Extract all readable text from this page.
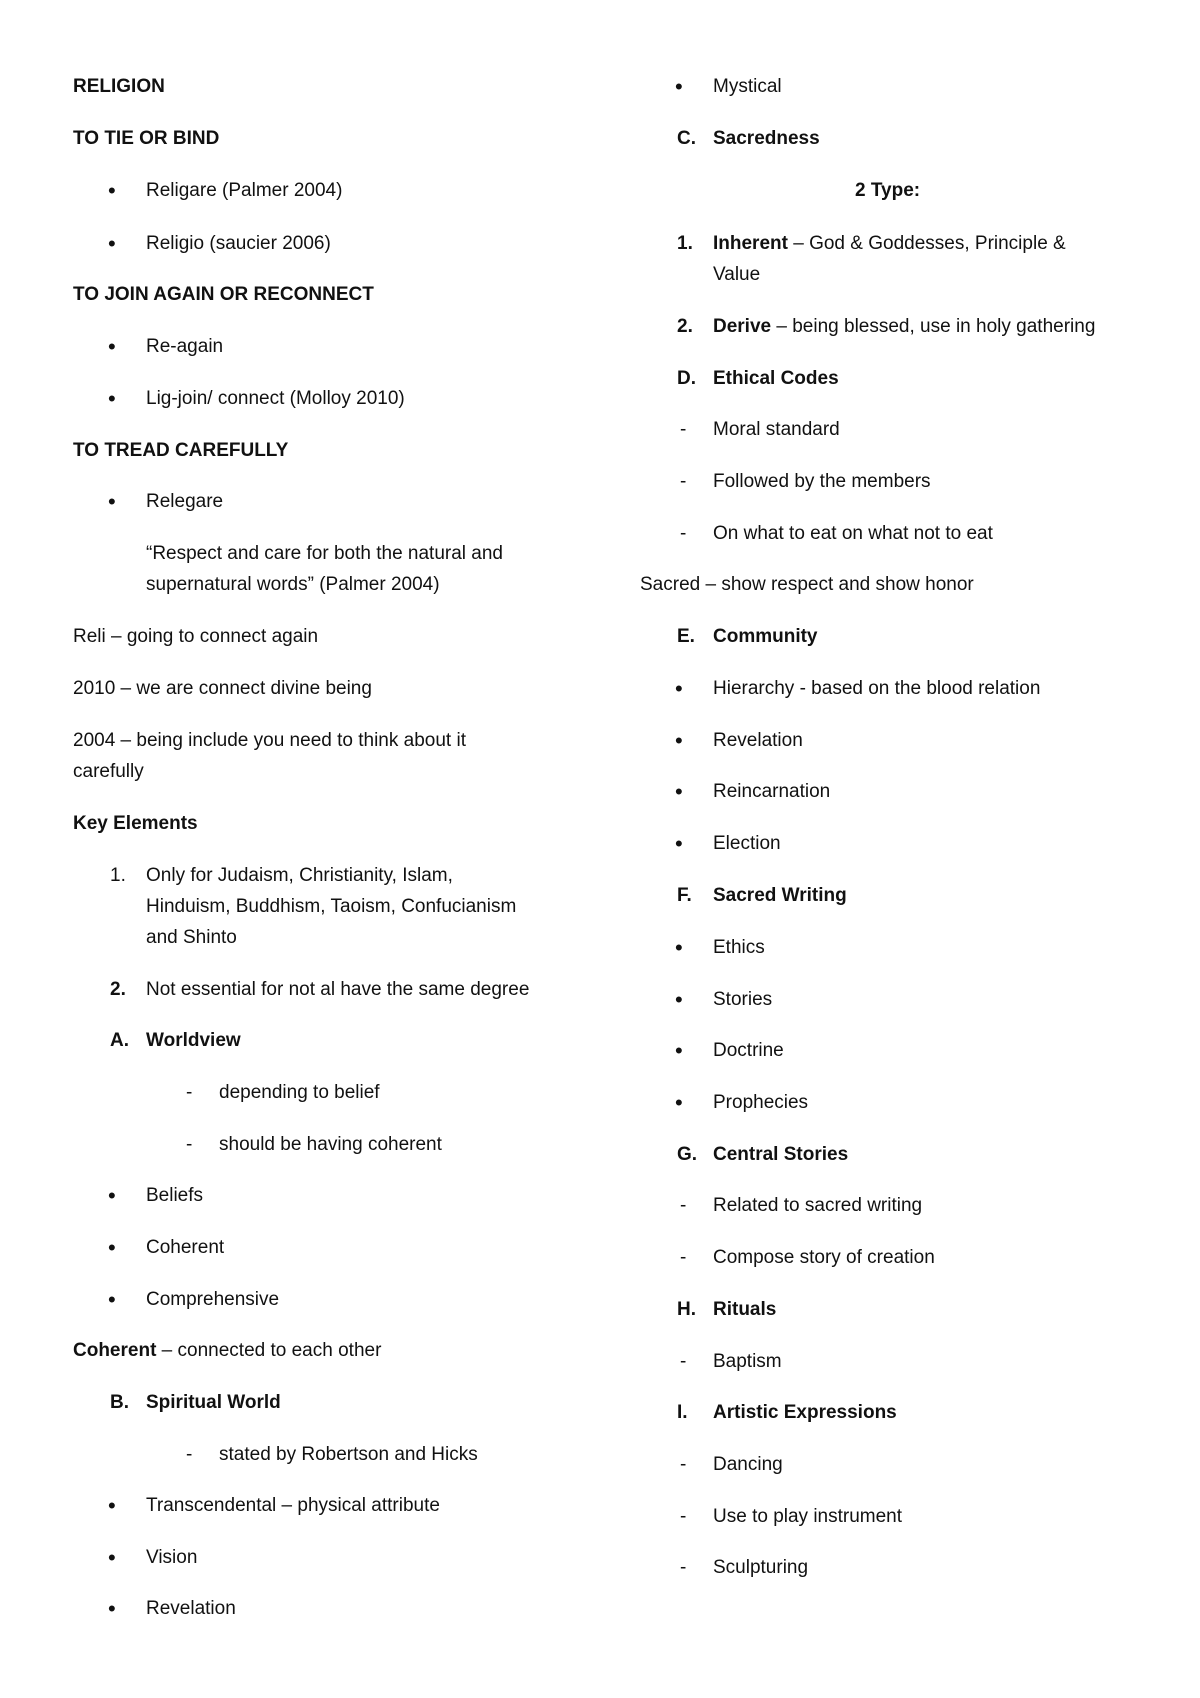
RELIGION
TO TIE OR BIND
• Religare (Palmer 2004)
• Religio (saucier 2006)
TO JOIN AGAIN OR RECONNECT
• Re-again
• Lig-join/ connect (Molloy 2010)
TO TREAD CAREFULLY
• Relegare
“Respect and care for both the natural and
supernatural words” (Palmer 2004)
Reli – going to connect again
2010 – we are connect divine being
2004 – being include you need to think about it
carefully
Key Elements
1. Only for Judaism, Christianity, Islam,
Hinduism, Buddhism, Taoism, Confucianism
and Shinto
2. Not essential for not al have the same degree
A. Worldview
- depending to belief
- should be having coherent
• Beliefs
• Coherent
• Comprehensive
Coherent – connected to each other
B. Spiritual World
- stated by Robertson and Hicks
• Transcendental – physical attribute
• Vision
• Revelation
• Mystical
C. Sacredness
2 Type:
1. Inherent – God & Goddesses, Principle &
Value
2. Derive – being blessed, use in holy gathering
D. Ethical Codes
- Moral standard
- Followed by the members
- On what to eat on what not to eat
Sacred – show respect and show honor
E. Community
• Hierarchy - based on the blood relation
• Revelation
• Reincarnation
• Election
F. Sacred Writing
• Ethics
• Stories
• Doctrine
• Prophecies
G. Central Stories
- Related to sacred writing
- Compose story of creation
H. Rituals
- Baptism
I. Artistic Expressions
- Dancing
- Use to play instrument
- Sculpturing
